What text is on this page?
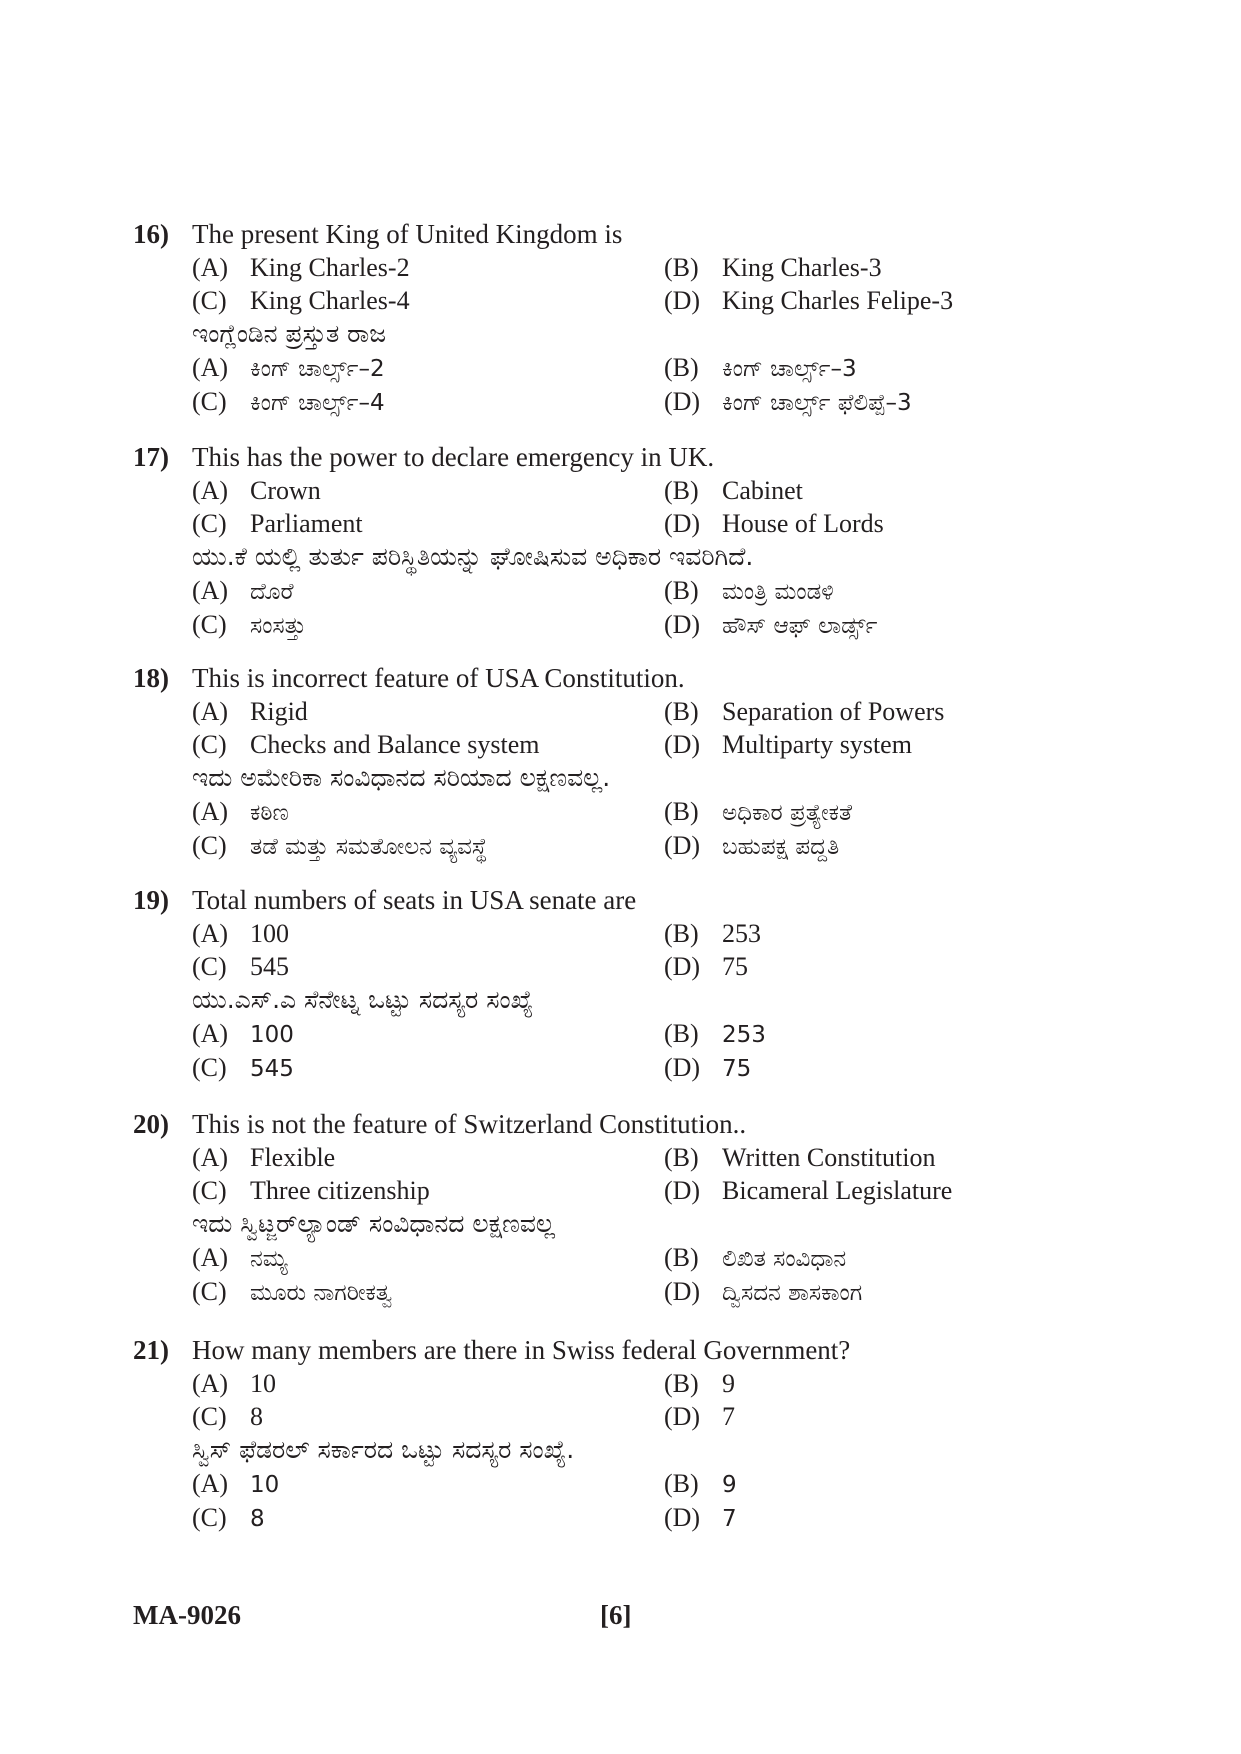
16) The present King of United Kingdom is
(A) King Charles-2	(B) King Charles-3
(C) King Charles-4	(D) King Charles Felipe-3
ಇಂಗ್ಲೆಂಡಿನ ಪ್ರಸ್ತುತ ರಾಜ
(A) ಕಿಂಗ್ ಚಾರ್ಲ್ಸ್–2	(B) ಕಿಂಗ್ ಚಾರ್ಲ್ಸ್–3
(C) ಕಿಂಗ್ ಚಾರ್ಲ್ಸ್–4	(D) ಕಿಂಗ್ ಚಾರ್ಲ್ಸ್ ಫೆಲಿಪ್ಪೆ–3
17) This has the power to declare emergency in UK.
(A) Crown	(B) Cabinet
(C) Parliament	(D) House of Lords
ಯು.ಕೆ ಯಲ್ಲಿ ತುರ್ತು ಪರಿಸ್ಥಿತಿಯನ್ನು ಘೋಷಿಸುವ ಅಧಿಕಾರ ಇವರಿಗಿದೆ.
(A) ದೊರೆ	(B) ಮಂತ್ರಿ ಮಂಡಳಿ
(C) ಸಂಸತ್ತು	(D) ಹೌಸ್ ಆಫ್ ಲಾರ್ಡ್ಸ್
18) This is incorrect feature of USA Constitution.
(A) Rigid	(B) Separation of Powers
(C) Checks and Balance system	(D) Multiparty system
ಇದು ಅಮೇರಿಕಾ ಸಂವಿಧಾನದ ಸರಿಯಾದ ಲಕ್ಷಣವಲ್ಲ.
(A) ಕಠಿಣ	(B) ಅಧಿಕಾರ ಪ್ರತ್ಯೇಕತೆ
(C) ತಡೆ ಮತ್ತು ಸಮತೋಲನ ವ್ಯವಸ್ಥೆ	(D) ಬಹುಪಕ್ಷ ಪದ್ದತಿ
19) Total numbers of seats in USA senate are
(A) 100	(B) 253
(C) 545	(D) 75
ಯು.ಎಸ್.ಎ ಸೆನೇಟ್ನ ಒಟ್ಟು ಸದಸ್ಯರ ಸಂಖ್ಯೆ
(A) 100	(B) 253
(C) 545	(D) 75
20) This is not the feature of Switzerland Constitution..
(A) Flexible	(B) Written Constitution
(C) Three citizenship	(D) Bicameral Legislature
ಇದು ಸ್ವಿಟ್ಜರ್‌ಲ್ಯಾಂಡ್ ಸಂವಿಧಾನದ ಲಕ್ಷಣವಲ್ಲ
(A) ನಮ್ಯ	(B) ಲಿಖಿತ ಸಂವಿಧಾನ
(C) ಮೂರು ನಾಗರೀಕತ್ವ	(D) ದ್ವಿಸದನ ಶಾಸಕಾಂಗ
21) How many members are there in Swiss federal Government?
(A) 10	(B) 9
(C) 8	(D) 7
ಸ್ವಿಸ್ ಫೆಡರಲ್ ಸರ್ಕಾರದ ಒಟ್ಟು ಸದಸ್ಯರ ಸಂಖ್ಯೆ.
(A) 10	(B) 9
(C) 8	(D) 7
MA-9026	[6]
